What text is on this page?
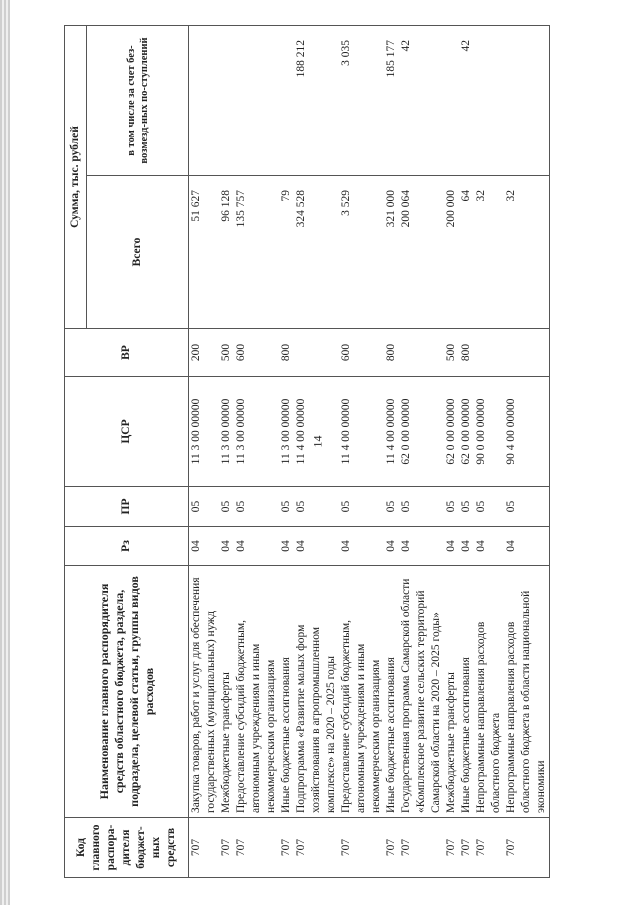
14
Код главного распора-дителя бюджет-ных средств	Наименование главного распорядителя средств областного бюджета, раздела, подраздела, целевой статьи, группы видов расходов	Рз	ПР	ЦСР	ВР	Сумма, тыс. рублей	
						Всего	в том числе за счет без-возмезд-ных по-ступлений
707	Закупка товаров, работ и услуг для обеспечения государственных (муниципальных) нужд	04	05	11 3 00 00000	200	51 627	
707	Межбюджетные трансферты	04	05	11 3 00 00000	500	96 128	
707	Предоставление субсидий бюджетным, автономным учреждениям и иным некоммерческим организациям	04	05	11 3 00 00000	600	135 757	
707	Иные бюджетные ассигнования	04	05	11 3 00 00000	800	79	
707	Подпрограмма «Развитие малых форм хозяйствования в агропромышленном комплексе» на 2020 – 2025 годы	04	05	11 4 00 00000		324 528	188 212
707	Предоставление субсидий бюджетным, автономным учреждениям и иным некоммерческим организациям	04	05	11 4 00 00000	600	3 529	3 035
707	Иные бюджетные ассигнования	04	05	11 4 00 00000	800	321 000	185 177
707	Государственная программа Самарской области «Комплексное развитие сельских территорий Самарской области на 2020 – 2025 годы»	04	05	62 0 00 00000		200 064	42
707	Межбюджетные трансферты	04	05	62 0 00 00000	500	200 000	
707	Иные бюджетные ассигнования	04	05	62 0 00 00000	800	64	42
707	Непрограммные направления расходов областного бюджета	04	05	90 0 00 00000		32	
707	Непрограммные направления расходов областного бюджета в области национальной экономики	04	05	90 4 00 00000		32	
